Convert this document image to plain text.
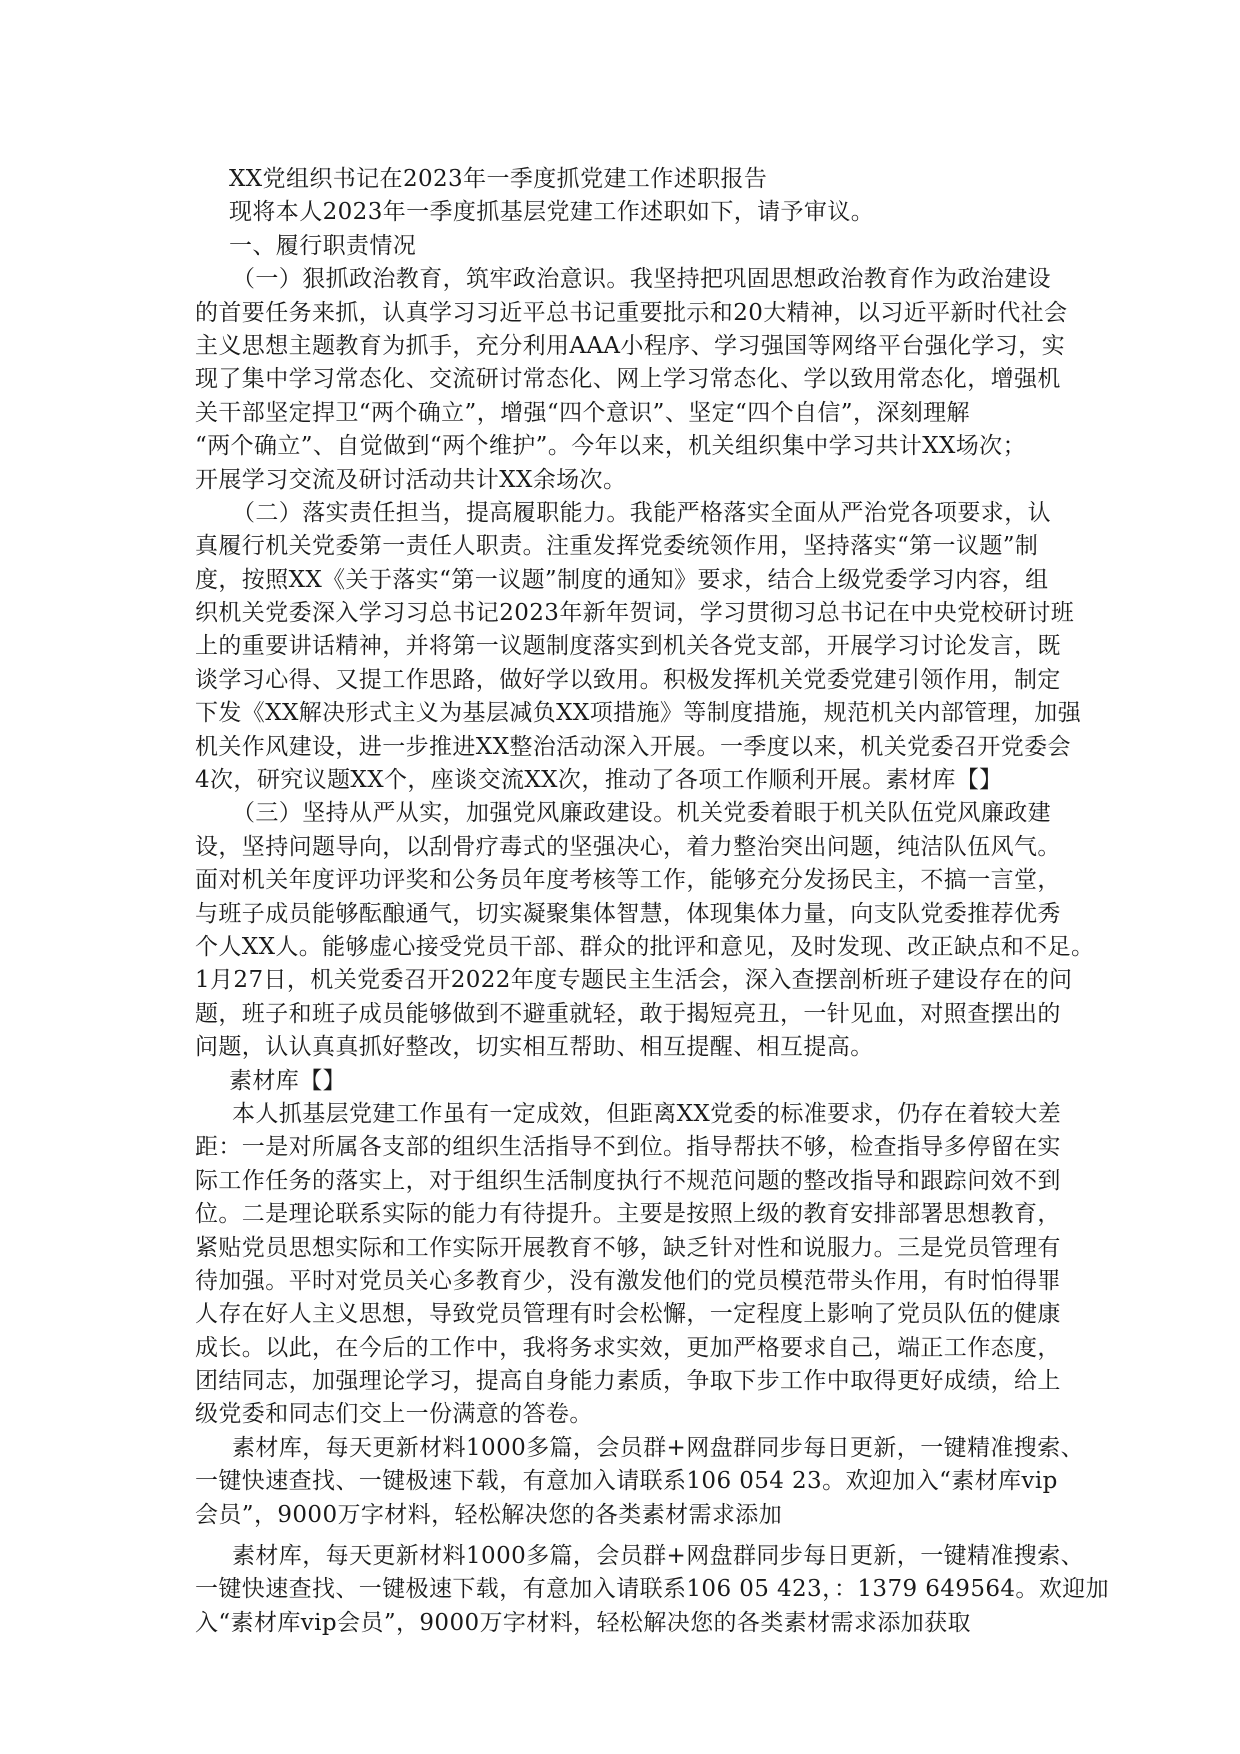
XX党组织书记在2023年一季度抓党建工作述职报告
现将本人2023年一季度抓基层党建工作述职如下，请予审议。
一、履行职责情况
（一）狠抓政治教育，筑牢政治意识。我坚持把巩固思想政治教育作为政治建设
的首要任务来抓，认真学习习近平总书记重要批示和20大精神，以习近平新时代社会
主义思想主题教育为抓手，充分利用AAA小程序、学习强国等网络平台强化学习，实
现了集中学习常态化、交流研讨常态化、网上学习常态化、学以致用常态化，增强机
关干部坚定捍卫“两个确立”，增强“四个意识”、坚定“四个自信”，深刻理解
“两个确立”、自觉做到“两个维护”。今年以来，机关组织集中学习共计XX场次；
开展学习交流及研讨活动共计XX余场次。
（二）落实责任担当，提高履职能力。我能严格落实全面从严治党各项要求，认
真履行机关党委第一责任人职责。注重发挥党委统领作用，坚持落实“第一议题”制
度，按照XX《关于落实“第一议题”制度的通知》要求，结合上级党委学习内容，组
织机关党委深入学习习总书记2023年新年贺词，学习贯彻习总书记在中央党校研讨班
上的重要讲话精神，并将第一议题制度落实到机关各党支部，开展学习讨论发言，既
谈学习心得、又提工作思路，做好学以致用。积极发挥机关党委党建引领作用，制定
下发《XX解决形式主义为基层减负XX项措施》等制度措施，规范机关内部管理，加强
机关作风建设，进一步推进XX整治活动深入开展。一季度以来，机关党委召开党委会
4次，研究议题XX个，座谈交流XX次，推动了各项工作顺利开展。素材库【】
（三）坚持从严从实，加强党风廉政建设。机关党委着眼于机关队伍党风廉政建
设，坚持问题导向，以刮骨疗毒式的坚强决心，着力整治突出问题，纯洁队伍风气。
面对机关年度评功评奖和公务员年度考核等工作，能够充分发扬民主，不搞一言堂，
与班子成员能够酝酿通气，切实凝聚集体智慧，体现集体力量，向支队党委推荐优秀
个人XX人。能够虚心接受党员干部、群众的批评和意见，及时发现、改正缺点和不足。
1月27日，机关党委召开2022年度专题民主生活会，深入查摆剖析班子建设存在的问
题，班子和班子成员能够做到不避重就轻，敢于揭短亮丑，一针见血，对照查摆出的
问题，认认真真抓好整改，切实相互帮助、相互提醒、相互提高。
素材库【】
本人抓基层党建工作虽有一定成效，但距离XX党委的标准要求，仍存在着较大差
距：一是对所属各支部的组织生活指导不到位。指导帮扶不够，检查指导多停留在实
际工作任务的落实上，对于组织生活制度执行不规范问题的整改指导和跟踪问效不到
位。二是理论联系实际的能力有待提升。主要是按照上级的教育安排部署思想教育，
紧贴党员思想实际和工作实际开展教育不够，缺乏针对性和说服力。三是党员管理有
待加强。平时对党员关心多教育少，没有激发他们的党员模范带头作用，有时怕得罪
人存在好人主义思想，导致党员管理有时会松懈，一定程度上影响了党员队伍的健康
成长。以此，在今后的工作中，我将务求实效，更加严格要求自己，端正工作态度，
团结同志，加强理论学习，提高自身能力素质，争取下步工作中取得更好成绩，给上
级党委和同志们交上一份满意的答卷。
素材库，每天更新材料1000多篇，会员群+网盘群同步每日更新，一键精准搜索、
一键快速查找、一键极速下载，有意加入请联系106 054 23。欢迎加入“素材库vip
会员”，9000万字材料，轻松解决您的各类素材需求添加
素材库，每天更新材料1000多篇，会员群+网盘群同步每日更新，一键精准搜索、
一键快速查找、一键极速下载，有意加入请联系106 05 423，：1379 649564。欢迎加
入“素材库vip会员”，9000万字材料，轻松解决您的各类素材需求添加获取
